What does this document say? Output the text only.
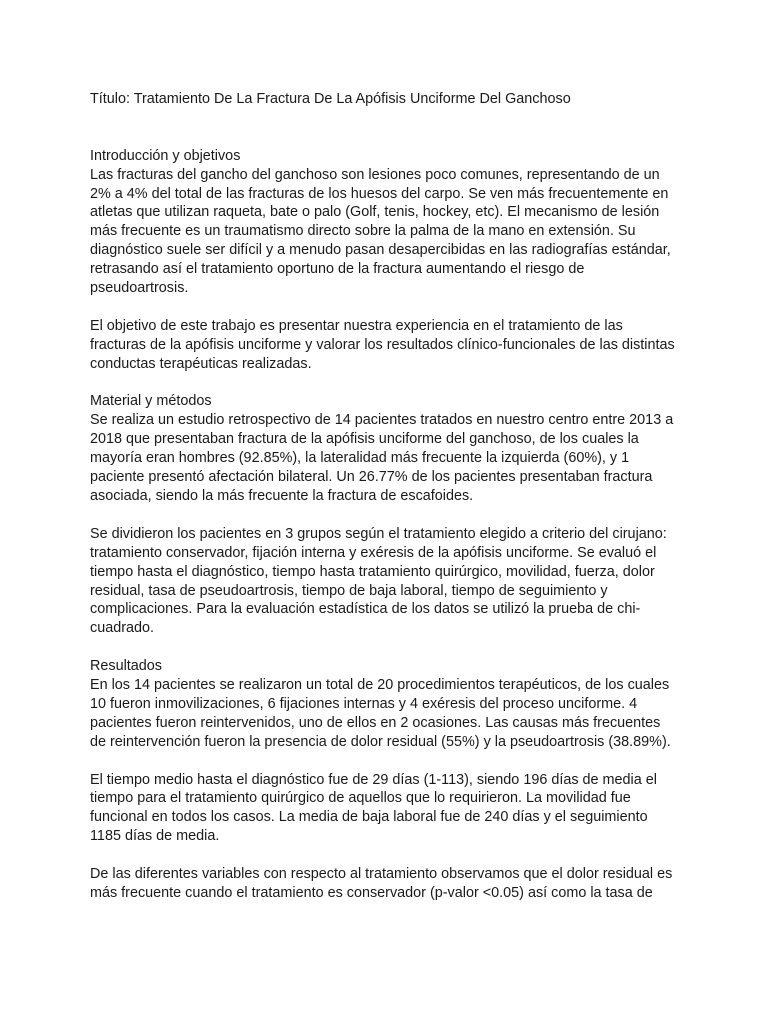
Título: Tratamiento De La Fractura De La Apófisis Unciforme Del Ganchoso

Introducción y objetivos

Las fracturas del gancho del ganchoso son lesiones poco comunes, representando de un 2% a 4% del total de las fracturas de los huesos del carpo. Se ven más frecuentemente en atletas que utilizan raqueta, bate o palo (Golf, tenis, hockey, etc). El mecanismo de lesión más frecuente es un traumatismo directo sobre la palma de la mano en extensión. Su diagnóstico suele ser difícil y a menudo pasan desapercibidas en las radiografías estándar, retrasando así el tratamiento oportuno de la fractura aumentando el riesgo de pseudoartrosis.

El objetivo de este trabajo es presentar nuestra experiencia en el tratamiento de las fracturas de la apófisis unciforme y valorar los resultados clínico-funcionales de las distintas conductas terapéuticas realizadas.

Material y métodos

Se realiza un estudio retrospectivo de 14 pacientes tratados en nuestro centro entre 2013 a 2018 que presentaban fractura de la apófisis unciforme del ganchoso, de los cuales la mayoría eran hombres (92.85%), la lateralidad más frecuente la izquierda (60%), y 1 paciente presentó afectación bilateral. Un 26.77% de los pacientes presentaban fractura asociada, siendo la más frecuente la fractura de escafoides.

Se dividieron los pacientes en 3 grupos según el tratamiento elegido a criterio del cirujano: tratamiento conservador, fijación interna y exéresis de la apófisis unciforme. Se evaluó el tiempo hasta el diagnóstico, tiempo hasta tratamiento quirúrgico, movilidad, fuerza, dolor residual, tasa de pseudoartrosis, tiempo de baja laboral, tiempo de seguimiento y complicaciones. Para la evaluación estadística de los datos se utilizó la prueba de chi-cuadrado.

Resultados

En los 14 pacientes se realizaron un total de 20 procedimientos terapéuticos, de los cuales 10 fueron inmovilizaciones, 6 fijaciones internas y 4 exéresis del proceso unciforme. 4 pacientes fueron reintervenidos, uno de ellos en 2 ocasiones. Las causas más frecuentes de reintervención fueron la presencia de dolor residual (55%) y la pseudoartrosis (38.89%).

El tiempo medio hasta el diagnóstico fue de 29 días (1-113), siendo 196 días de media el tiempo para el tratamiento quirúrgico de aquellos que lo requirieron. La movilidad fue funcional en todos los casos. La media de baja laboral fue de 240 días y el seguimiento 1185 días de media.

De las diferentes variables con respecto al tratamiento observamos que el dolor residual es más frecuente cuando el tratamiento es conservador (p-valor <0.05) así como la tasa de
